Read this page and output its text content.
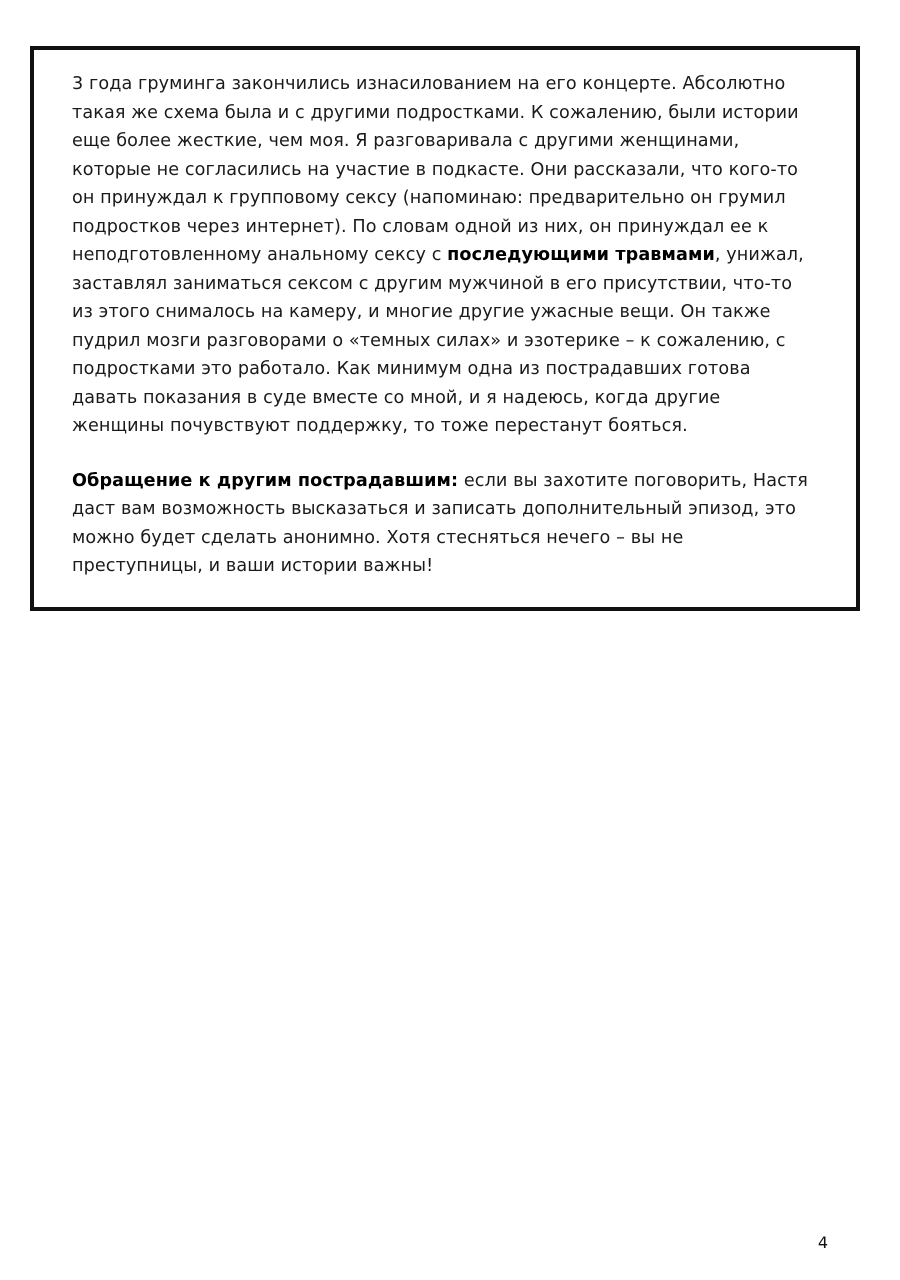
3 года груминга закончились изнасилованием на его концерте. Абсолютно такая же схема была и с другими подростками. К сожалению, были истории еще более жесткие, чем моя. Я разговаривала с другими женщинами, которые не согласились на участие в подкасте. Они рассказали, что кого-то он принуждал к групповому сексу (напоминаю: предварительно он грумил подростков через интернет). По словам одной из них, он принуждал ее к неподготовленному анальному сексу с последующими травмами, унижал, заставлял заниматься сексом с другим мужчиной в его присутствии, что-то из этого снималось на камеру, и многие другие ужасные вещи. Он также пудрил мозги разговорами о «темных силах» и эзотерике – к сожалению, с подростками это работало. Как минимум одна из пострадавших готова давать показания в суде вместе со мной, и я надеюсь, когда другие женщины почувствуют поддержку, то тоже перестанут бояться.

Обращение к другим пострадавшим: если вы захотите поговорить, Настя даст вам возможность высказаться и записать дополнительный эпизод, это можно будет сделать анонимно. Хотя стесняться нечего – вы не преступницы, и ваши истории важны!

4
